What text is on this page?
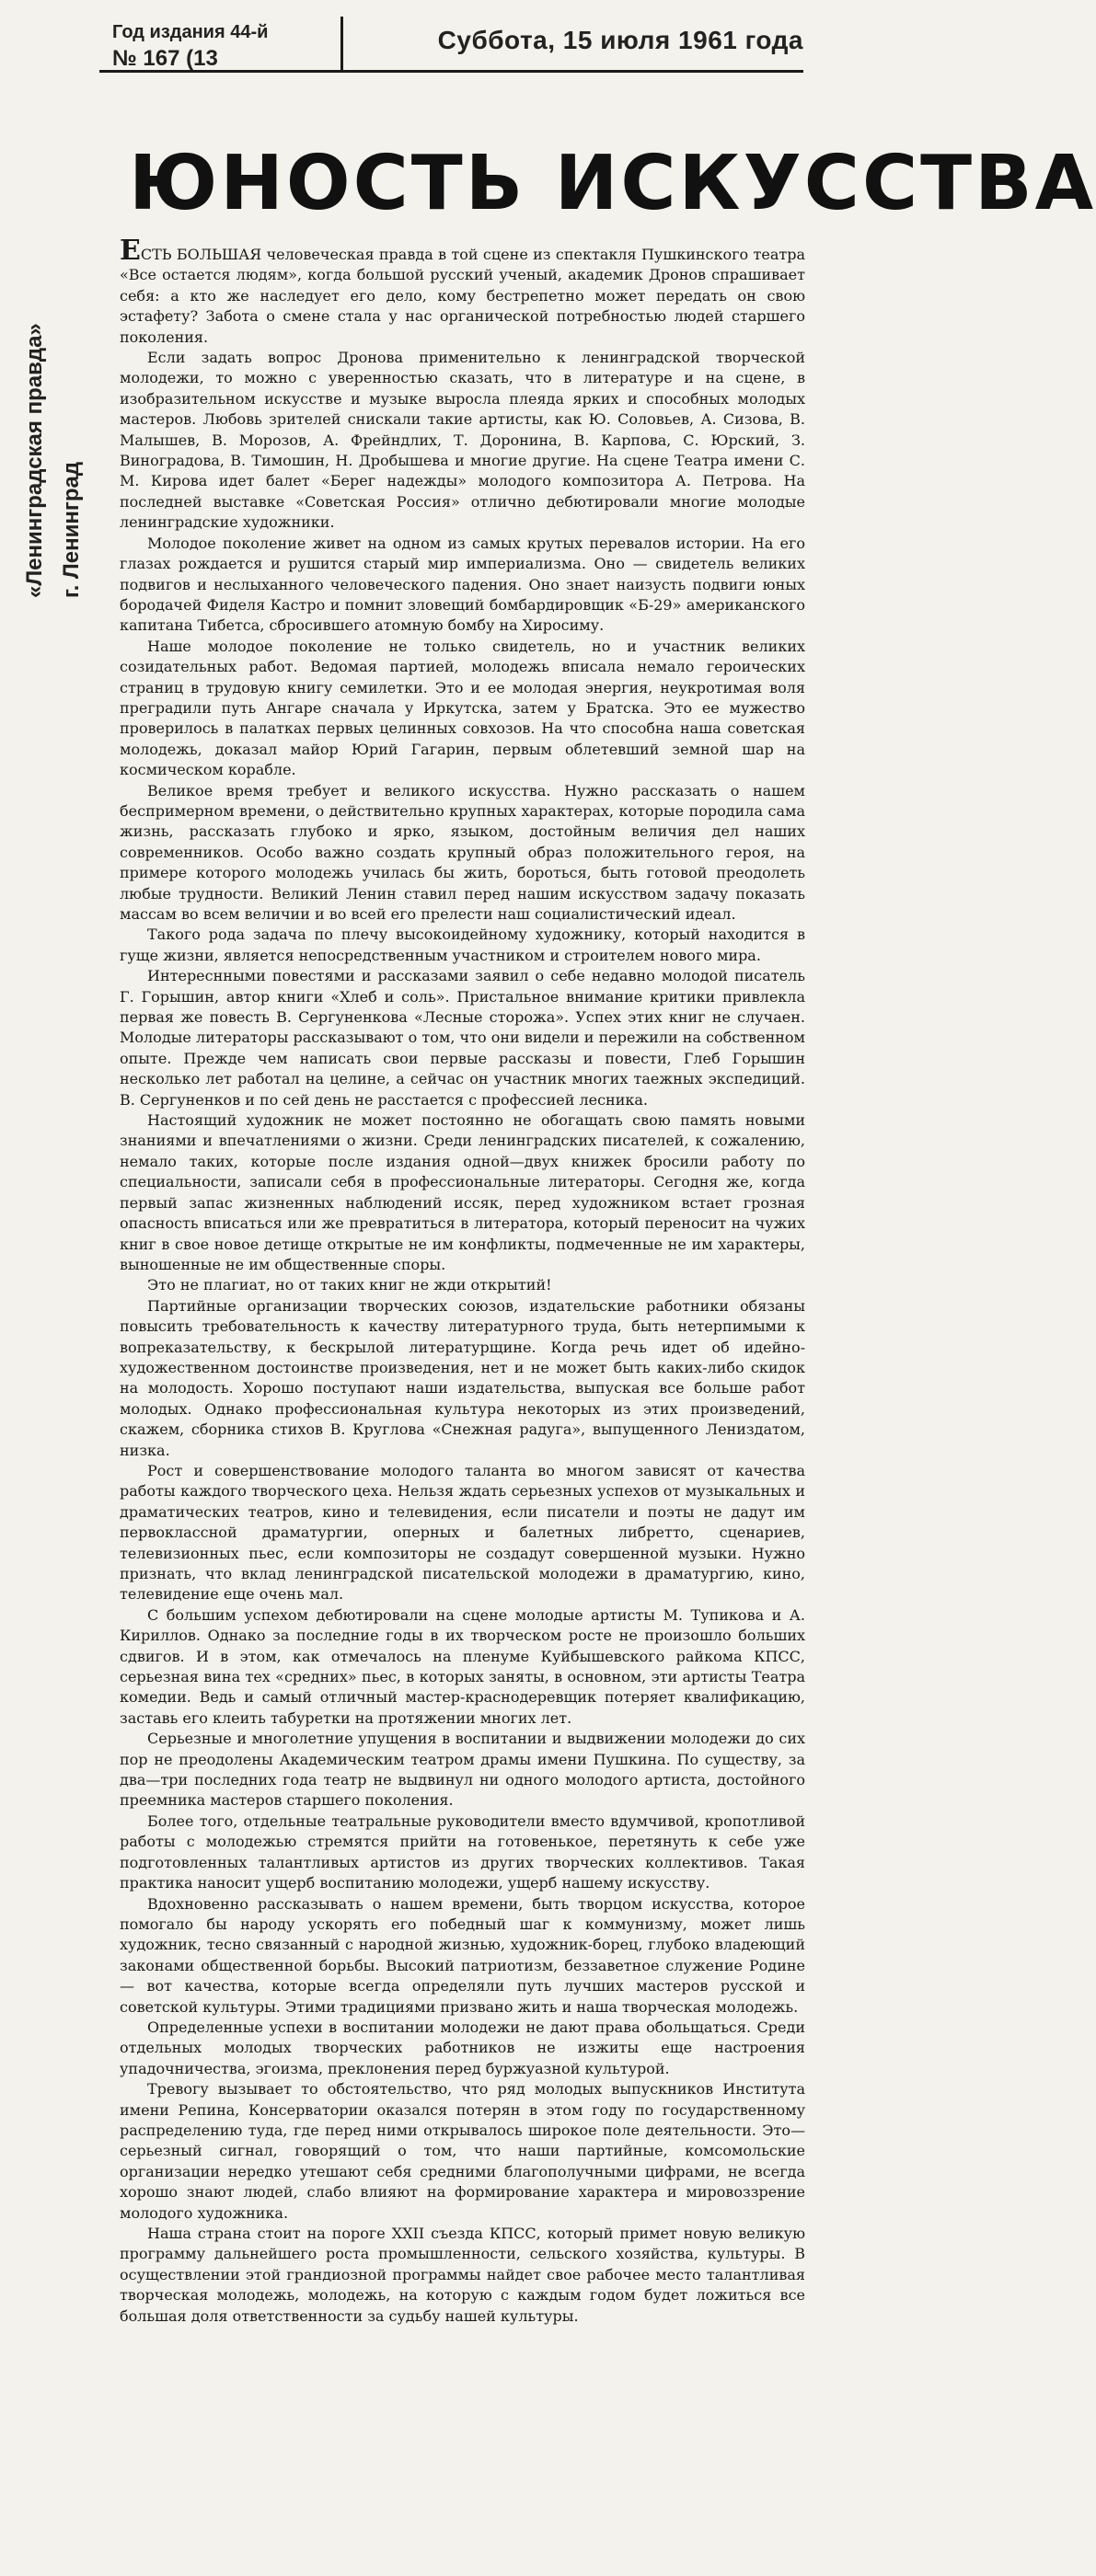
Год издания 44-й
№ 167 (13
Суббота, 15 июля 1961 года
«Ленинградская правда» г. Ленинград
ЮНОСТЬ ИСКУССТВА

ЕСТЬ БОЛЬШАЯ человеческая правда в той сцене из спектакля Пушкинского театра «Все остается людям», когда большой русский ученый, академик Дронов спрашивает себя: а кто же наследует его дело, кому бестрепетно может передать он свою эстафету? Забота о смене стала у нас органической потребностью людей старшего поколения.

Если задать вопрос Дронова применительно к ленинградской творческой молодежи, то можно с уверенностью сказать, что в литературе и на сцене, в изобразительном искусстве и музыке выросла плеяда ярких и способных молодых мастеров. Любовь зрителей снискали такие артисты, как Ю. Соловьев, А. Сизова, В. Малышев, В. Морозов, А. Фрейндлих, Т. Доронина, В. Карпова, С. Юрский, З. Виноградова, В. Тимошин, Н. Дробышева и многие другие. На сцене Театра имени С. М. Кирова идет балет «Берег надежды» молодого композитора А. Петрова. На последней выставке «Советская Россия» отлично дебютировали многие молодые ленинградские художники.

Молодое поколение живет на одном из самых крутых перевалов истории. На его глазах рождается и рушится старый мир империализма. Оно — свидетель великих подвигов и неслыханного человеческого падения. Оно знает наизусть подвиги юных бородачей Фиделя Кастро и помнит зловещий бомбардировщик «Б-29» американского капитана Тибетса, сбросившего атомную бомбу на Хиросиму.

Наше молодое поколение не только свидетель, но и участник великих созидательных работ. Ведомая партией, молодежь вписала немало героических страниц в трудовую книгу семилетки. Это и ее молодая энергия, неукротимая воля преградили путь Ангаре сначала у Иркутска, затем у Братска. Это ее мужество проверилось в палатках первых целинных совхозов. На что способна наша советская молодежь, доказал майор Юрий Гагарин, первым облетевший земной шар на космическом корабле.

Великое время требует и великого искусства. Нужно рассказать о нашем беспримерном времени, о действительно крупных характерах, которые породила сама жизнь, рассказать глубоко и ярко, языком, достойным величия дел наших современников. Особо важно создать крупный образ положительного героя, на примере которого молодежь училась бы жить, бороться, быть готовой преодолеть любые трудности. Великий Ленин ставил перед нашим искусством задачу показать массам во всем величии и во всей его прелести наш социалистический идеал.

Такого рода задача по плечу высокоидейному художнику, который находится в гуще жизни, является непосредственным участником и строителем нового мира.

Интереснными повестями и рассказами заявил о себе недавно молодой писатель Г. Горышин, автор книги «Хлеб и соль». Пристальное внимание критики привлекла первая же повесть В. Сергуненкова «Лесные сторожа». Успех этих книг не случаен. Молодые литераторы рассказывают о том, что они видели и пережили на собственном опыте. Прежде чем написать свои первые рассказы и повести, Глеб Горышин несколько лет работал на целине, а сейчас он участник многих таежных экспедиций. В. Сергуненков и по сей день не расстается с профессией лесника.

Настоящий художник не может постоянно не обогащать свою память новыми знаниями и впечатлениями о жизни. Среди ленинградских писателей, к сожалению, немало таких, которые после издания одной—двух книжек бросили работу по специальности, записали себя в профессиональные литераторы. Сегодня же, когда первый запас жизненных наблюдений иссяк, перед художником встает грозная опасность вписаться или же превратиться в литератора, который переносит на чужих книг в свое новое детище открытые не им конфликты, подмеченные не им характеры, выношенные не им общественные споры.

Это не плагиат, но от таких книг не жди открытий!

Партийные организации творческих союзов, издательские работники обязаны повысить требовательность к качеству литературного труда, быть нетерпимыми к вопреказательству, к бескрылой литературщине. Когда речь идет об идейно-художественном достоинстве произведения, нет и не может быть каких-либо скидок на молодость. Хорошо поступают наши издательства, выпуская все больше работ молодых. Однако профессиональная культура некоторых из этих произведений, скажем, сборника стихов В. Круглова «Снежная радуга», выпущенного Лениздатом, низка.

Рост и совершенствование молодого таланта во многом зависят от качества работы каждого творческого цеха. Нельзя ждать серьезных успехов от музыкальных и драматических театров, кино и телевидения, если писатели и поэты не дадут им первоклассной драматургии, оперных и балетных либретто, сценариев, телевизионных пьес, если композиторы не создадут совершенной музыки. Нужно признать, что вклад ленинградской писательской молодежи в драматургию, кино, телевидение еще очень мал.

С большим успехом дебютировали на сцене молодые артисты М. Тупикова и А. Кириллов. Однако за последние годы в их творческом росте не произошло больших сдвигов. И в этом, как отмечалось на пленуме Куйбышевского райкома КПСС, серьезная вина тех «средних» пьес, в которых заняты, в основном, эти артисты Театра комедии. Ведь и самый отличный мастер-краснодеревщик потеряет квалификацию, заставь его клеить табуретки на протяжении многих лет.

Серьезные и многолетние упущения в воспитании и выдвижении молодежи до сих пор не преодолены Академическим театром драмы имени Пушкина. По существу, за два—три последних года театр не выдвинул ни одного молодого артиста, достойного преемника мастеров старшего поколения.

Более того, отдельные театральные руководители вместо вдумчивой, кропотливой работы с молодежью стремятся прийти на готовенькое, перетянуть к себе уже подготовленных талантливых артистов из других творческих коллективов. Такая практика наносит ущерб воспитанию молодежи, ущерб нашему искусству.

Вдохновенно рассказывать о нашем времени, быть творцом искусства, которое помогало бы народу ускорять его победный шаг к коммунизму, может лишь художник, тесно связанный с народной жизнью, художник-борец, глубоко владеющий законами общественной борьбы. Высокий патриотизм, беззаветное служение Родине — вот качества, которые всегда определяли путь лучших мастеров русской и советской культуры. Этими традициями призвано жить и наша творческая молодежь.

Определенные успехи в воспитании молодежи не дают права обольщаться. Среди отдельных молодых творческих работников не изжиты еще настроения упадочничества, эгоизма, преклонения перед буржуазной культурой.

Тревогу вызывает то обстоятельство, что ряд молодых выпускников Института имени Репина, Консерватории оказался потерян в этом году по государственному распределению туда, где перед ними открывалось широкое поле деятельности. Это—серьезный сигнал, говорящий о том, что наши партийные, комсомольские организации нередко утешают себя средними благополучными цифрами, не всегда хорошо знают людей, слабо влияют на формирование характера и мировоззрение молодого художника.

Наша страна стоит на пороге XXII съезда КПСС, который примет новую великую программу дальнейшего роста промышленности, сельского хозяйства, культуры. В осуществлении этой грандиозной программы найдет свое рабочее место талантливая творческая молодежь, молодежь, на которую с каждым годом будет ложиться все большая доля ответственности за судьбу нашей культуры.
